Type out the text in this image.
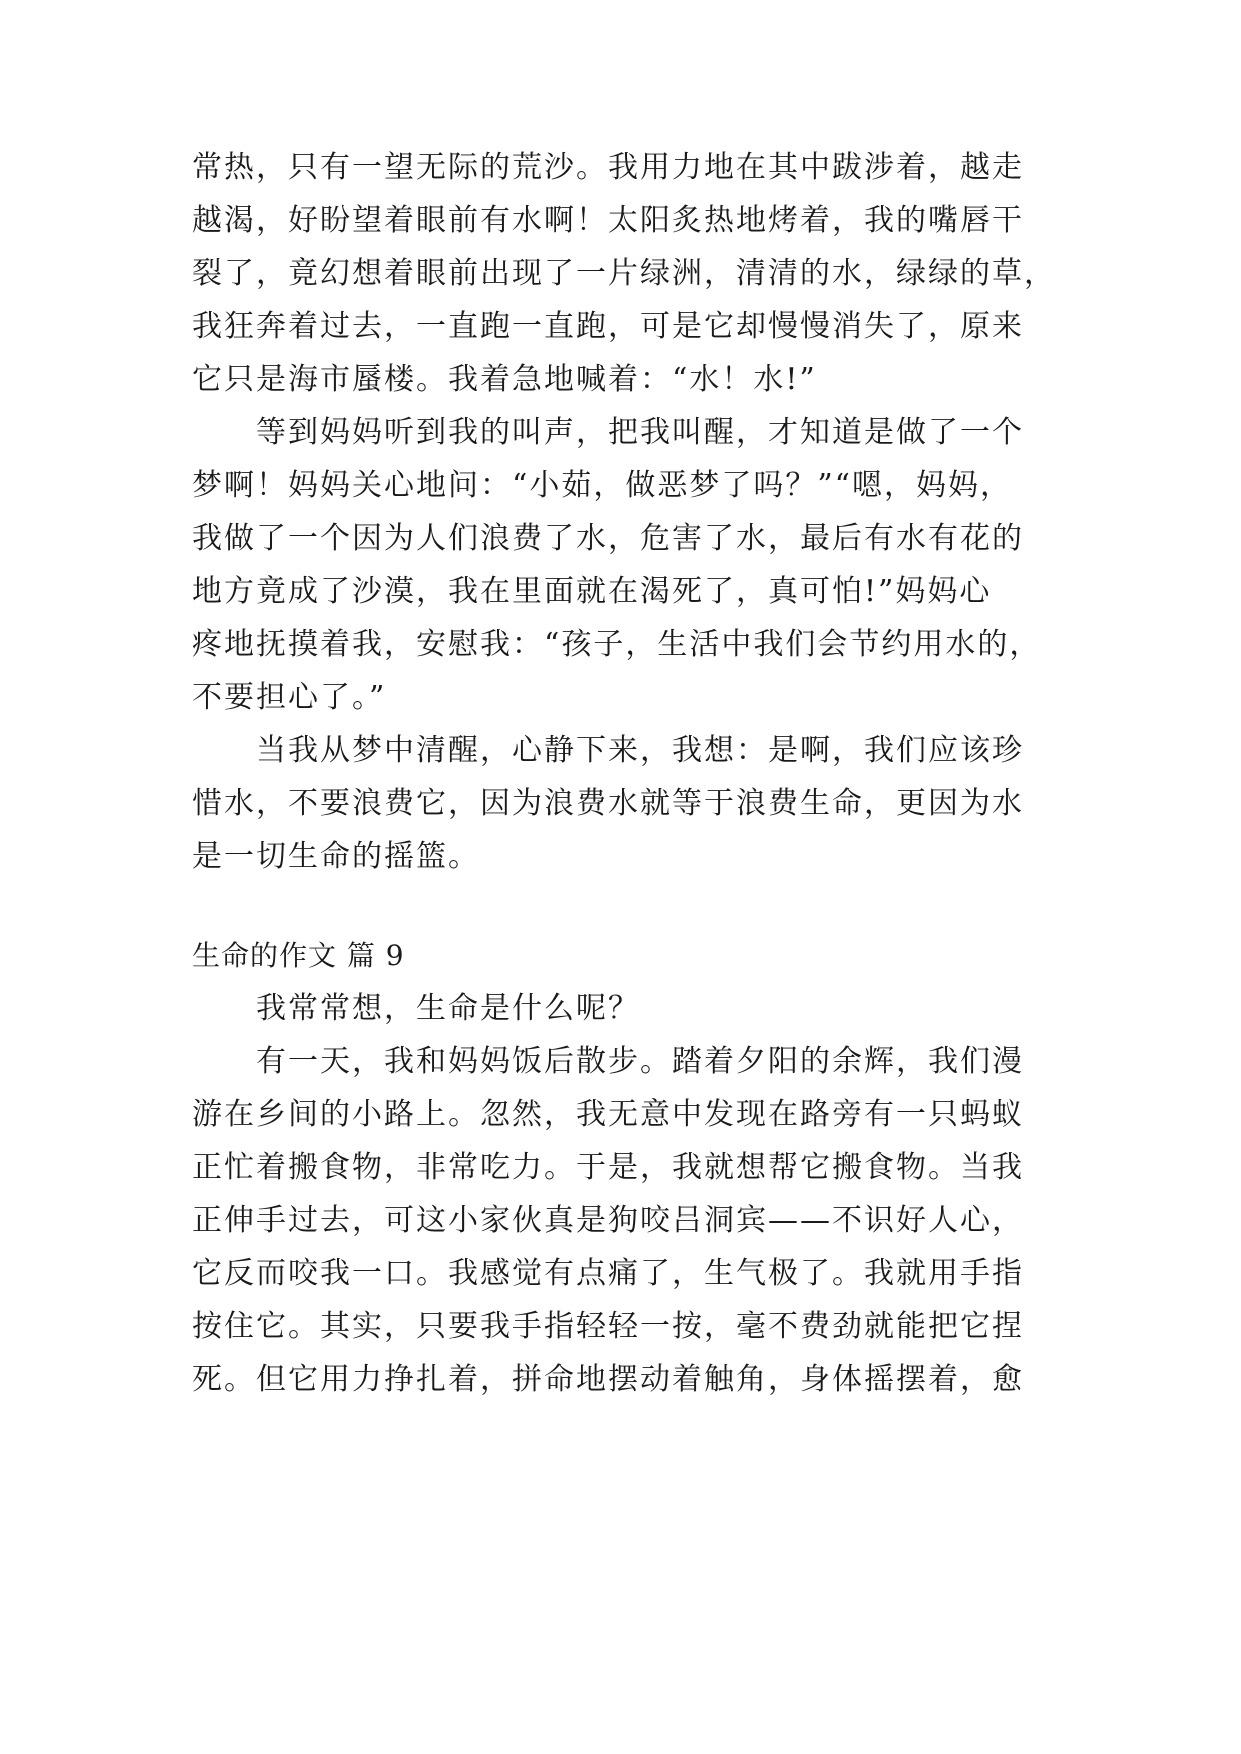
常热，只有一望无际的荒沙。我用力地在其中跋涉着，越走
越渴，好盼望着眼前有水啊！太阳炙热地烤着，我的嘴唇干
裂了，竟幻想着眼前出现了一片绿洲，清清的水，绿绿的草，
我狂奔着过去，一直跑一直跑，可是它却慢慢消失了，原来
它只是海市蜃楼。我着急地喊着：“水！水!”
等到妈妈听到我的叫声，把我叫醒，才知道是做了一个
梦啊！妈妈关心地问：“小茹，做恶梦了吗？”“嗯，妈妈，
我做了一个因为人们浪费了水，危害了水，最后有水有花的
地方竟成了沙漠，我在里面就在渴死了，真可怕!”妈妈心
疼地抚摸着我，安慰我：“孩子，生活中我们会节约用水的，
不要担心了。”
当我从梦中清醒，心静下来，我想：是啊，我们应该珍
惜水，不要浪费它，因为浪费水就等于浪费生命，更因为水
是一切生命的摇篮。
生命的作文 篇 9
我常常想，生命是什么呢？
有一天，我和妈妈饭后散步。踏着夕阳的余辉，我们漫
游在乡间的小路上。忽然，我无意中发现在路旁有一只蚂蚁
正忙着搬食物，非常吃力。于是，我就想帮它搬食物。当我
正伸手过去，可这小家伙真是狗咬吕洞宾——不识好人心，
它反而咬我一口。我感觉有点痛了，生气极了。我就用手指
按住它。其实，只要我手指轻轻一按，毫不费劲就能把它捏
死。但它用力挣扎着，拼命地摆动着触角，身体摇摆着，愈
